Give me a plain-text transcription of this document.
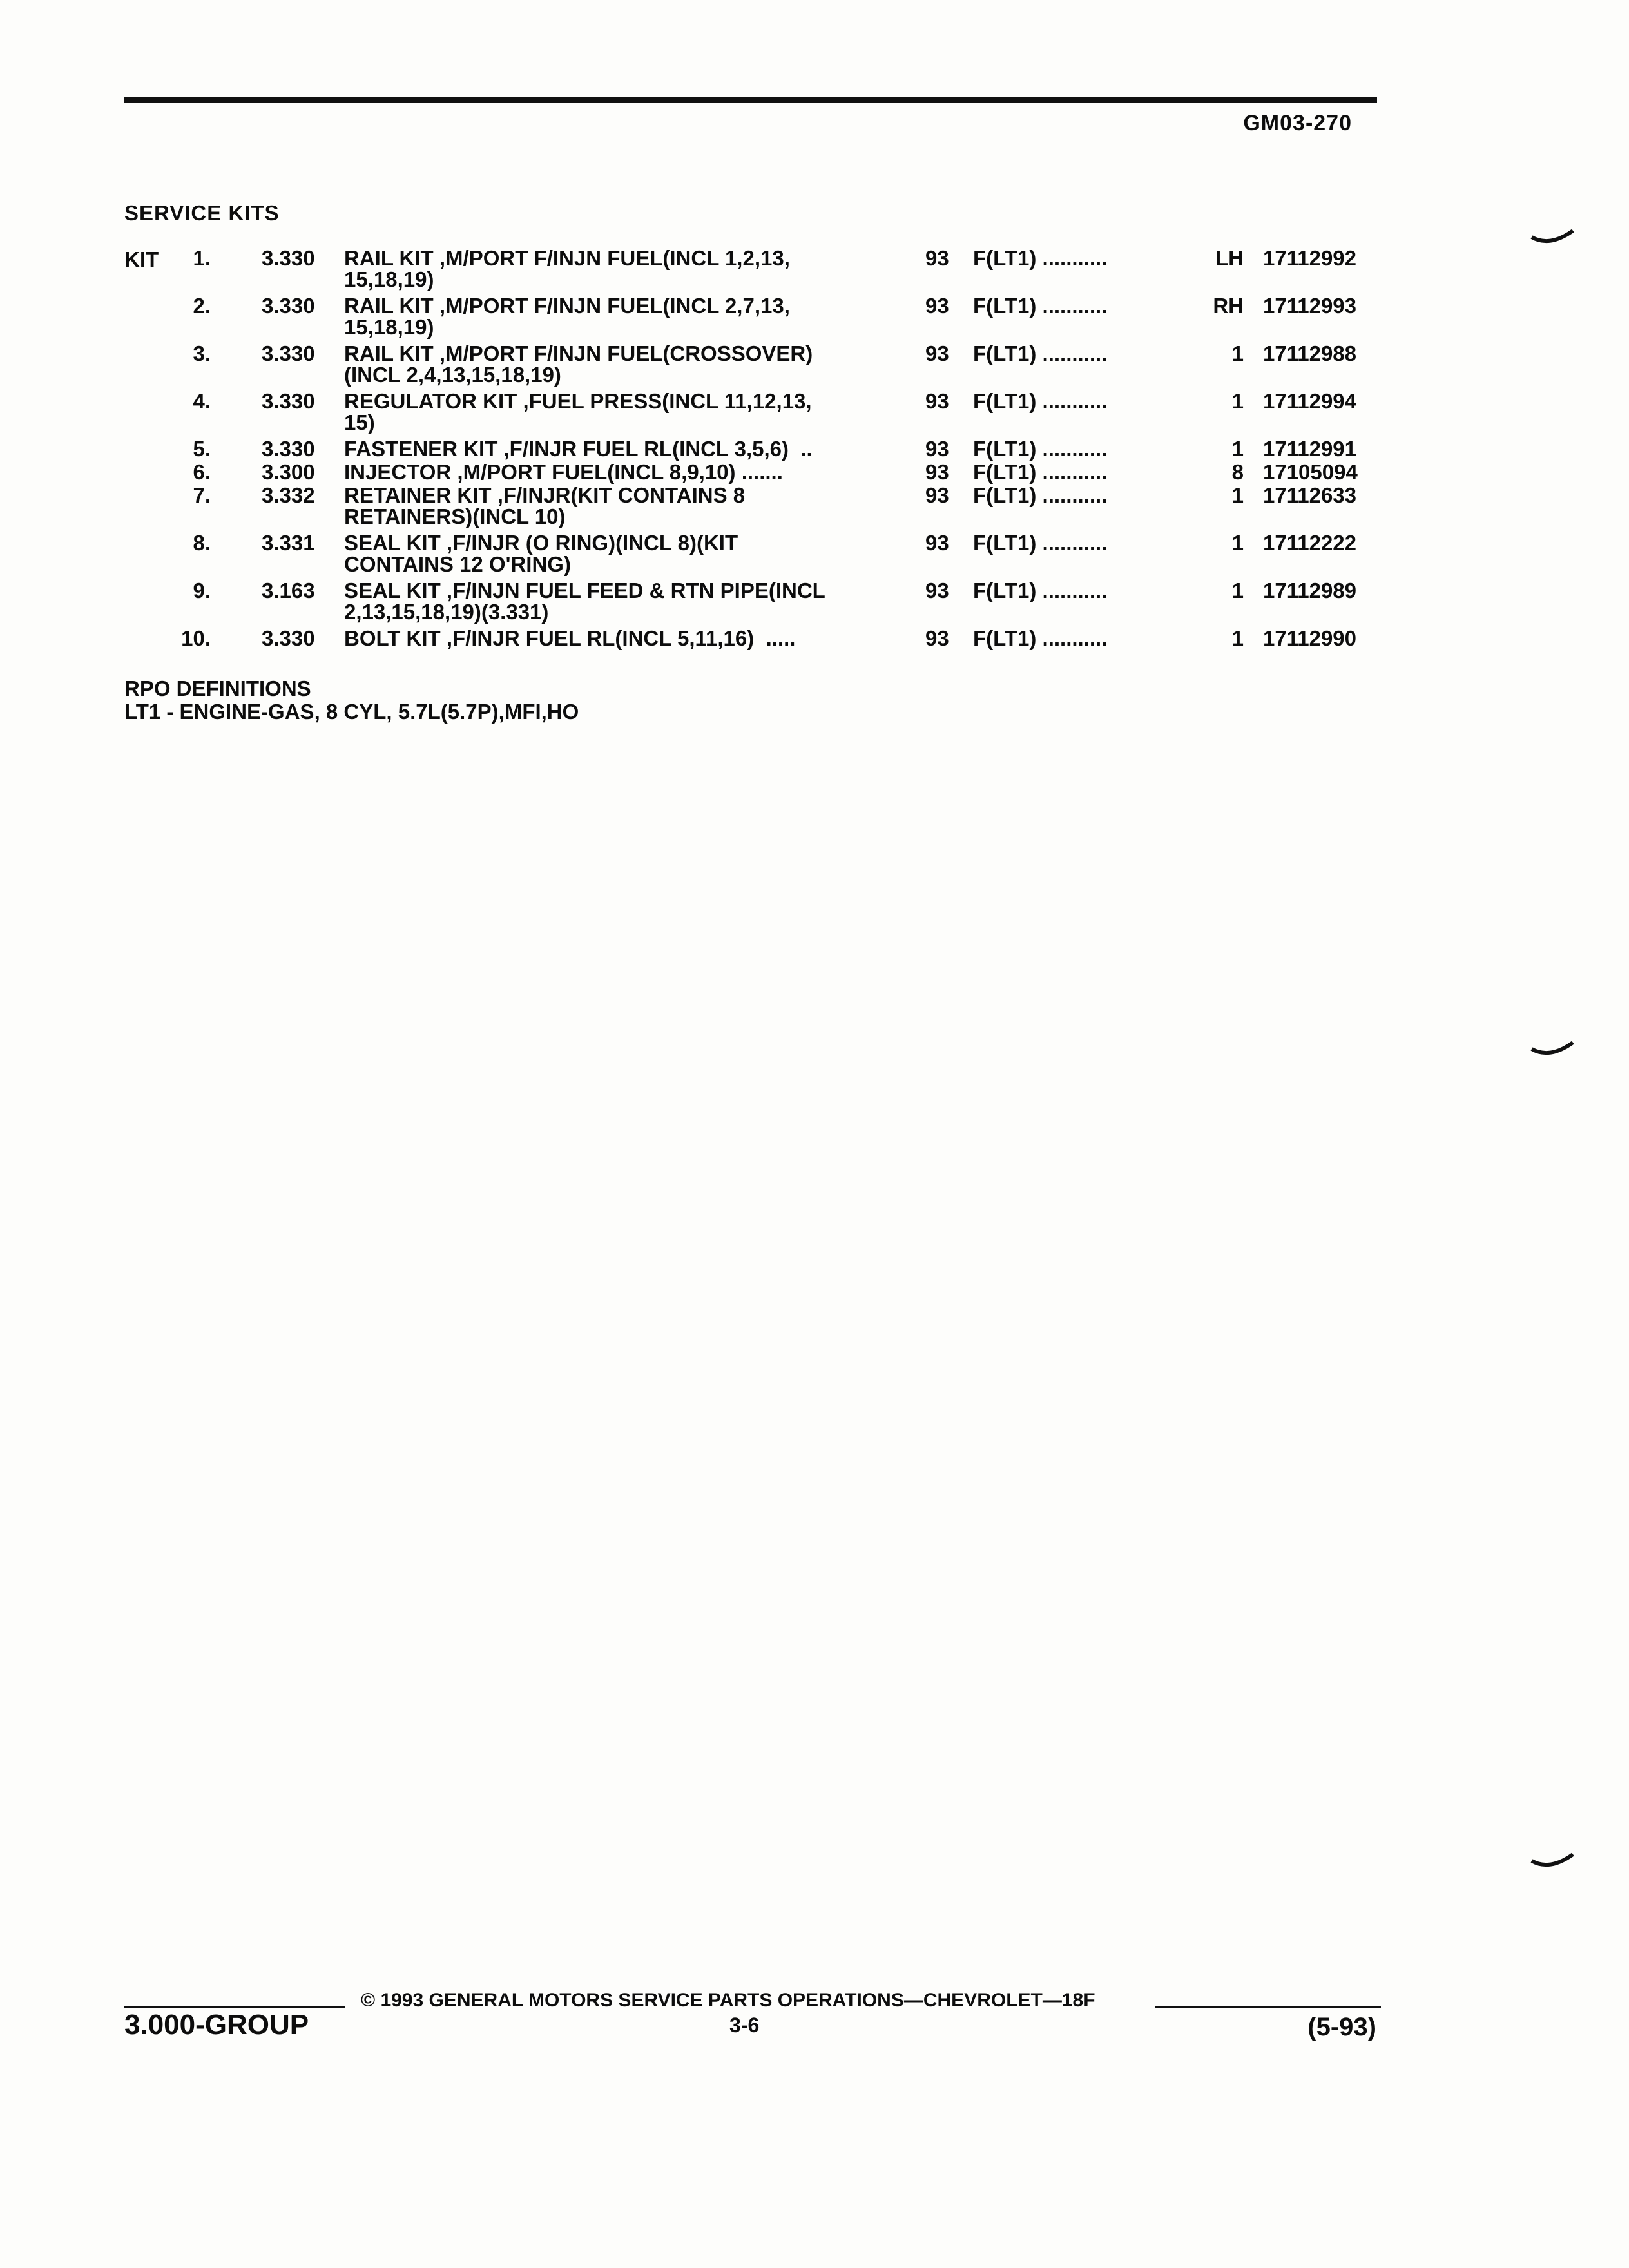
GM03-270
SERVICE KITS
KIT	1. 3.330	RAIL KIT ,M/PORT F/INJN FUEL(INCL 1,2,13,
15,18,19)
93	F(LT1) ...........	LH 17112992
2. 3.330	RAIL KIT ,M/PORT F/INJN FUEL(INCL 2,7,13,
15,18,19)
93	F(LT1) ...........	RH 17112993
3. 3.330	RAIL KIT ,M/PORT F/INJN FUEL(CROSSOVER)
(INCL 2,4,13,15,18,19)
93	F(LT1) ...........	1 17112988
4. 3.330	REGULATOR KIT ,FUEL PRESS(INCL 11,12,13,
15)
93	F(LT1) ...........	1 17112994
5. 3.330	FASTENER KIT ,F/INJR FUEL RL(INCL 3,5,6)  ..	93	F(LT1) ...........	1 17112991
6. 3.300	INJECTOR ,M/PORT FUEL(INCL 8,9,10) .......	93	F(LT1) ...........	8 17105094
7. 3.332	RETAINER KIT ,F/INJR(KIT CONTAINS 8
RETAINERS)(INCL 10)
93	F(LT1) ...........	1 17112633
8. 3.331	SEAL KIT ,F/INJR (O RING)(INCL 8)(KIT
CONTAINS 12 O'RING)
93	F(LT1) ...........	1 17112222
9. 3.163	SEAL KIT ,F/INJN FUEL FEED & RTN PIPE(INCL
2,13,15,18,19)(3.331)
93	F(LT1) ...........	1 17112989
10. 3.330	BOLT KIT ,F/INJR FUEL RL(INCL 5,11,16)  .....	93	F(LT1) ...........	1 17112990
RPO DEFINITIONS
LT1 - ENGINE-GAS, 8 CYL, 5.7L(5.7P),MFI,HO
© 1993 GENERAL MOTORS SERVICE PARTS OPERATIONS—CHEVROLET—18F
3.000-GROUP	3-6	(5-93)
